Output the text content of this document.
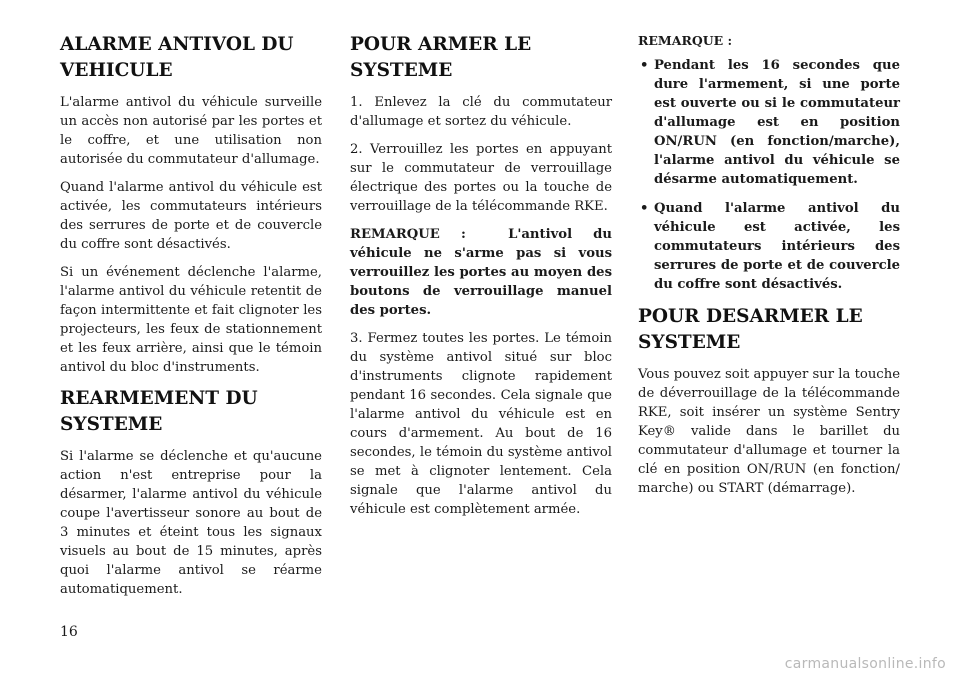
ALARME ANTIVOL DU VEHICULE

L'alarme antivol du véhicule surveille un accès non autorisé par les portes et le coffre, et une utilisation non autorisée du commutateur d'allumage.

Quand l'alarme antivol du véhicule est activée, les commutateurs intérieurs des serrures de porte et de couvercle du coffre sont désactivés.

Si un événement déclenche l'alarme, l'alarme antivol du véhicule retentit de façon intermittente et fait clignoter les projecteurs, les feux de stationnement et les feux arrière, ainsi que le témoin antivol du bloc d'instruments.

REARMEMENT DU SYSTEME

Si l'alarme se déclenche et qu'aucune action n'est entreprise pour la désarmer, l'alarme antivol du véhicule coupe l'avertisseur sonore au bout de 3 minutes et éteint tous les signaux visuels au bout de 15 minutes, après quoi l'alarme antivol se réarme automatiquement.

POUR ARMER LE SYSTEME

1. Enlevez la clé du commutateur d'allumage et sortez du véhicule.

2. Verrouillez les portes en appuyant sur le commutateur de verrouillage électrique des portes ou la touche de verrouillage de la télécommande RKE.

REMARQUE :	L'antivol du véhicule ne s'arme pas si vous verrouillez les portes au moyen des boutons de verrouillage manuel des portes.

3. Fermez toutes les portes. Le témoin du système antivol situé sur bloc d'instruments clignote rapidement pendant 16 secondes. Cela signale que l'alarme antivol du véhicule est en cours d'armement. Au bout de 16 secondes, le témoin du système antivol se met à clignoter lentement. Cela signale que l'alarme antivol du véhicule est complètement armée.

REMARQUE :
• Pendant les 16 secondes que dure l'armement, si une porte est ouverte ou si le commutateur d'allumage est en position ON/RUN (en fonction/marche), l'alarme antivol du véhicule se désarme automatiquement.
• Quand l'alarme antivol du véhicule est activée, les commutateurs intérieurs des serrures de porte et de couvercle du coffre sont désactivés.
POUR DESARMER LE SYSTEME

Vous pouvez soit appuyer sur la touche de déverrouillage de la télécommande RKE, soit insérer un système Sentry Key® valide dans le barillet du commutateur d'allumage et tourner la clé en position ON/RUN (en fonction/ marche) ou START (démarrage).

16
carmanualsonline.info
